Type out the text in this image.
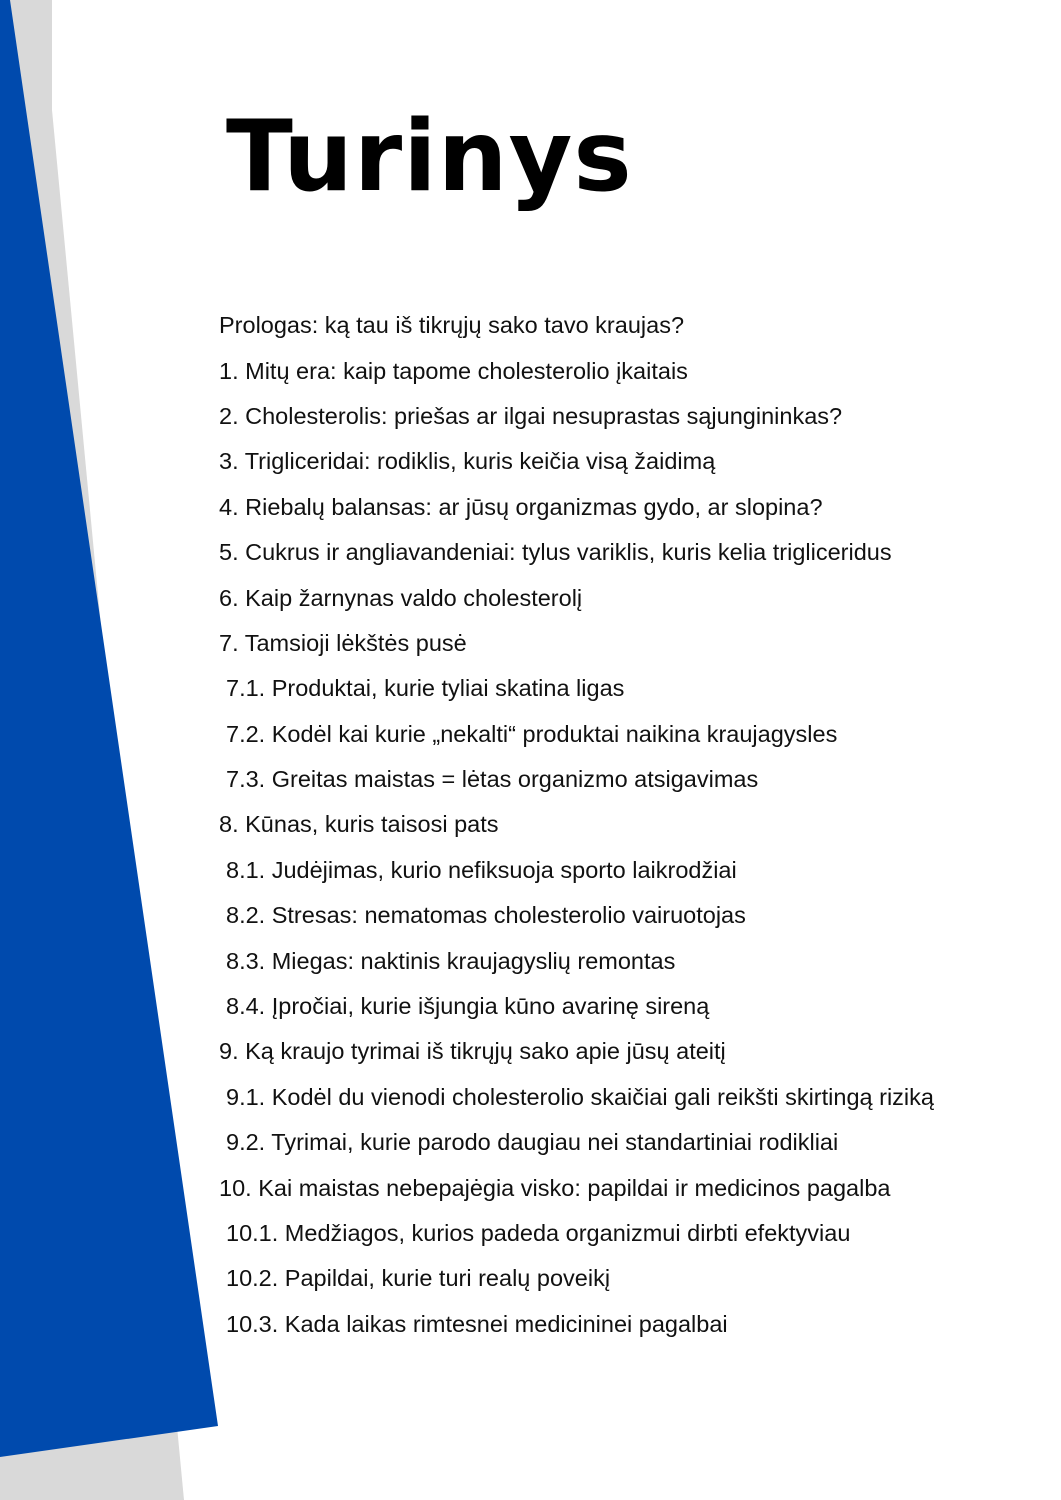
Turinys
Prologas: ką tau iš tikrųjų sako tavo kraujas?
1. Mitų era: kaip tapome cholesterolio įkaitais
2. Cholesterolis: priešas ar ilgai nesuprastas sąjungininkas?
3. Trigliceridai: rodiklis, kuris keičia visą žaidimą
4. Riebalų balansas: ar jūsų organizmas gydo, ar slopina?
5. Cukrus ir angliavandeniai: tylus variklis, kuris kelia trigliceridus
6. Kaip žarnynas valdo cholesterolį
7. Tamsioji lėkštės pusė
7.1. Produktai, kurie tyliai skatina ligas
7.2. Kodėl kai kurie „nekalti“ produktai naikina kraujagysles
7.3. Greitas maistas = lėtas organizmo atsigavimas
8. Kūnas, kuris taisosi pats
8.1. Judėjimas, kurio nefiksuoja sporto laikrodžiai
8.2. Stresas: nematomas cholesterolio vairuotojas
8.3. Miegas: naktinis kraujagyslių remontas
8.4. Įpročiai, kurie išjungia kūno avarinę sireną
9. Ką kraujo tyrimai iš tikrųjų sako apie jūsų ateitį
9.1. Kodėl du vienodi cholesterolio skaičiai gali reikšti skirtingą riziką
9.2. Tyrimai, kurie parodo daugiau nei standartiniai rodikliai
10. Kai maistas nebepajėgia visko: papildai ir medicinos pagalba
10.1. Medžiagos, kurios padeda organizmui dirbti efektyviau
10.2. Papildai, kurie turi realų poveikį
10.3. Kada laikas rimtesnei medicininei pagalbai
